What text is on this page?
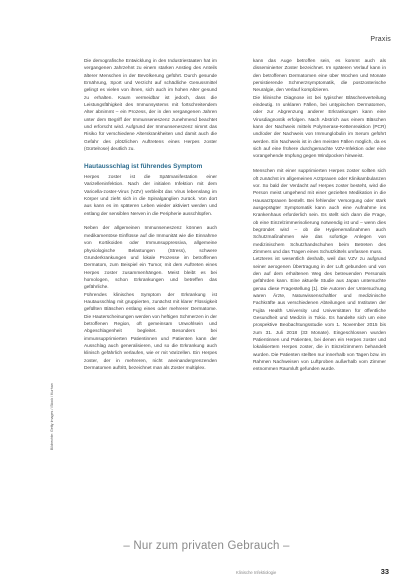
Praxis
Bildrechte: Getty Images / iStock / Kurhan

Die demografische Entwicklung in den Industriestaaten hat im vergangenen Jahrzehnt zu einem starken Anstieg des Anteils älterer Menschen in der Bevölkerung geführt. Durch gesunde Ernährung, Sport und Verzicht auf schädliche Genussmittel gelingt es vielen von ihnen, sich auch im hohen Alter gesund zu erhalten. Kaum vermeidbar ist jedoch, dass die Leistungsfähigkeit des Immunsystems mit fortschreitendem Alter abnimmt – ein Prozess, der in den vergangenen Jahren unter dem Begriff der Immunseneszenz zunehmend beachtet und erforscht wird. Aufgrund der Immunseneszenz nimmt das Risiko für verschiedene Alterskrankheiten und damit auch die Gefahr des plötzlichen Auftretens eines Herpes zoster (Gürtelrose) deutlich zu.

Hautausschlag ist führendes Symptom

Herpes zoster ist die Spätmanifestation einer Varizelleninfektion. Nach der initialen Infektion mit dem Varicella-zoster-Virus (VZV) verbleibt das Virus lebenslang im Körper und zieht sich in die Spinalganglien zurück. Von dort aus kann es im späteren Leben wieder aktiviert werden und entlang der sensiblen Nerven in die Peripherie ausschlüpfen.

Neben der allgemeinen Immunseneszenz können auch medikamentöse Einflüsse auf die Immunität wie die Einnahme von Kortikoiden oder Immunsuppressiva, allgemeine physiologische Belastungen (Stress), schwere Grunderkrankungen und lokale Prozesse im betroffenen Dermatom, zum Beispiel ein Tumor, mit dem Auftreten eines Herpes zoster zusammenhängen. Meist bleibt es bei homologen, schon Erkrankungen und betreffen das gefährliche.

Führendes klinisches Symptom der Erkrankung ist Hautausschlag mit gruppierten, zunächst mit klarer Flüssigkeit gefüllten Bläschen entlang eines oder mehrerer Dermatome. Die Hauterscheinungen werden von heftigen Schmerzen in der betroffenen Region, oft gemeinsam Unwohlsein und Abgeschlagenheit begleitet. Besonders bei immunsupprimierten Patientinnen und Patienten kann der Ausschlag auch generalisieren, und so die Erkrankung auch klinisch gefährlich verlaufen, wie er mit Varizellen. Ein Herpes zoster, der in mehreren, nicht aneinandergrenzenden Dermatomen auftritt, bezeichnet man als Zoster multiplex.

kann das Auge betroffen sein, es kommt auch als disseminierter Zoster bezeichnet. Im späteren Verlauf kann in den betroffenen Dermatomen eine über Wochen und Monate persistierende Schmerzsymptomatik, die postzosterische Neuralgie, den Verlauf komplizieren.

Die klinische Diagnose ist bei typischer Bläschenverteilung eindeutig. In unklaren Fällen, bei untypischen Dermatomen, oder zur Abgrenzung anderer Erkrankungen kann eine Virusdiagnostik erfolgen. Nach Abstrich aus einem Bläschen kann der Nachweis mittels Polymerase-Kettenreaktion (PCR) und/oder der Nachweis von Immunglobulin im Serum geführt werden. Ein Nachweis ist in den meisten Fällen möglich, da es sich auf eine frühere durchgemachte VZV-Infektion oder eine vorangehende Impfung gegen Windpocken hinweist.

Menschen mit einer supprimierten Herpes zoster sollten sich oft zunächst im allgemeinen Arztpraxen oder Klinikambulanzen vor. So bald der Verdacht auf Herpes zoster besteht, wird die Person meist umgehend mit einer gezielten Medikation in die Hausarztpraxen bestellt. Bei fehlender Versorgung oder stark ausgeprägter Symptomatik kann auch eine Aufnahme ins Krankenhaus erforderlich sein. Es stellt sich dann die Frage, ob eine Einzelzimmerisolierung notwendig ist und – wenn dies begründet wird – ob die Hygienemaßnahmen auch Schutzmaßnahmen wie das sofortige Anlegen von medizinischem Schutzhandschuhen beim Betreten des Zimmers und das Tragen eines Schutzkittels umfassen muss.

Letzteres ist wesentlich deshalb, weil das VZV zu aufgrund seiner aerogenen Übertragung in der Luft gebunden und von den auf dem erhaltenen Weg des betreuenden Personals gefährden kann. Eine aktuelle Studie aus Japan untersuchte genau diese Fragestellung [1]. Die Autoren der Untersuchung waren Ärzte, Naturwissenschaftler und medizinische Fachkräfte aus verschiedenen Abteilungen und Instituten der Fujita Health University und Universitäten für öffentliche Gesundheit und Medizin in Tokio. Es handelte sich um eine prospektive Beobachtungsstudie vom 1. November 2015 bis zum 31. Juli 2018 (33 Monate). Eingeschlossen wurden Patientinnen und Patienten, bei denen ein Herpes zoster und lokalisiertem Herpes zoster, die in Einzelzimmern behandelt wurden. Die Patienten stellten nur innerhalb von Tagen bzw. im Rahmen Nachweisen von Luftproben außerhalb vom Zimmer entnommen Raumluft gefunden wurde.

– Nur zum privaten Gebrauch –
Klinische Infektiologie	33
